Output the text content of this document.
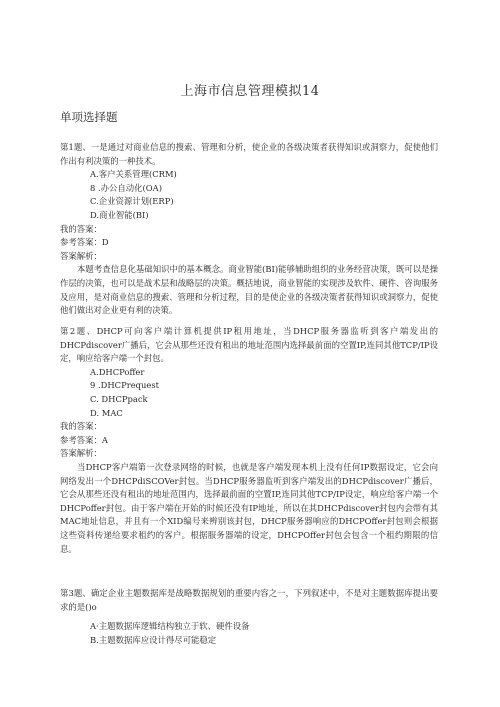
上海市信息管理模拟14
单项选择题

第1题、一是通过对商业信息的搜索、管理和分析，使企业的各级决策者获得知识或洞察力，促使他们作出有利决策的一种技术。

A.客户关系管理(CRM)

8 .办公自动化(OA)

C.企业资源计划(ERP)

D.商业智能(BI)

我的答案：

参考答案：D

答案解析：

本题考查信息化基础知识中的基本概念。商业智能(BI)能够辅助组织的业务经营决策，既可以是操作层的决策，也可以是战术层和战略层的决策。概括地说，商业智能的实现涉及软件、硬件、咨询服务及应用，是对商业信息的搜索、管理和分析过程，目的是使企业的各级决策者获得知识或洞察力，促使他们做出对企业更有利的决策。

第2题、DHCP可向客户端计算机提供IP租用地址，当DHCP服务器监听到客户端发出的DHCPdiscover广播后，它会从那些还没有租出的地址范围内选择最前面的空置IP,连同其他TCP/IP设定，响应给客户端一个封包。

A.DHCPoffer

9 .DHCPrequest

C. DHCPpack

D. MAC

我的答案：

参考答案：A

答案解析：

当DHCP客户端第一次登录网络的时候，也就是客户端发现本机上没有任何IP数据设定，它会向网络发出一个DHCPdiSCOVer封包。当DHCP服务器监听到客户端发出的DHCPdiscover广播后，它会从那些还没有租出的地址范围内，选择最前面的空置IP,连同其他TCP/IP设定，响应给客户端一个DHCPoffer封包。由于客户端在开始的时候还没有IP地址，所以在其DHCPdiscover封包内会带有其MAC地址信息，并且有一个XID编号来辨别该封包，DHCP服务器响应的DHCPOffer封包则会根据这些资料传递给要求租约的客户。根据服务器端的设定，DHCPOffer封包会包含一个租约期限的信息。

第3题、确定企业主题数据库是战略数据规划的重要内容之一，下列叙述中，不是对主题数据库提出要求的是()o

A·主题数据库逻辑结构独立于软、硬件设备

B.主题数据库应设计得尽可能稳定
